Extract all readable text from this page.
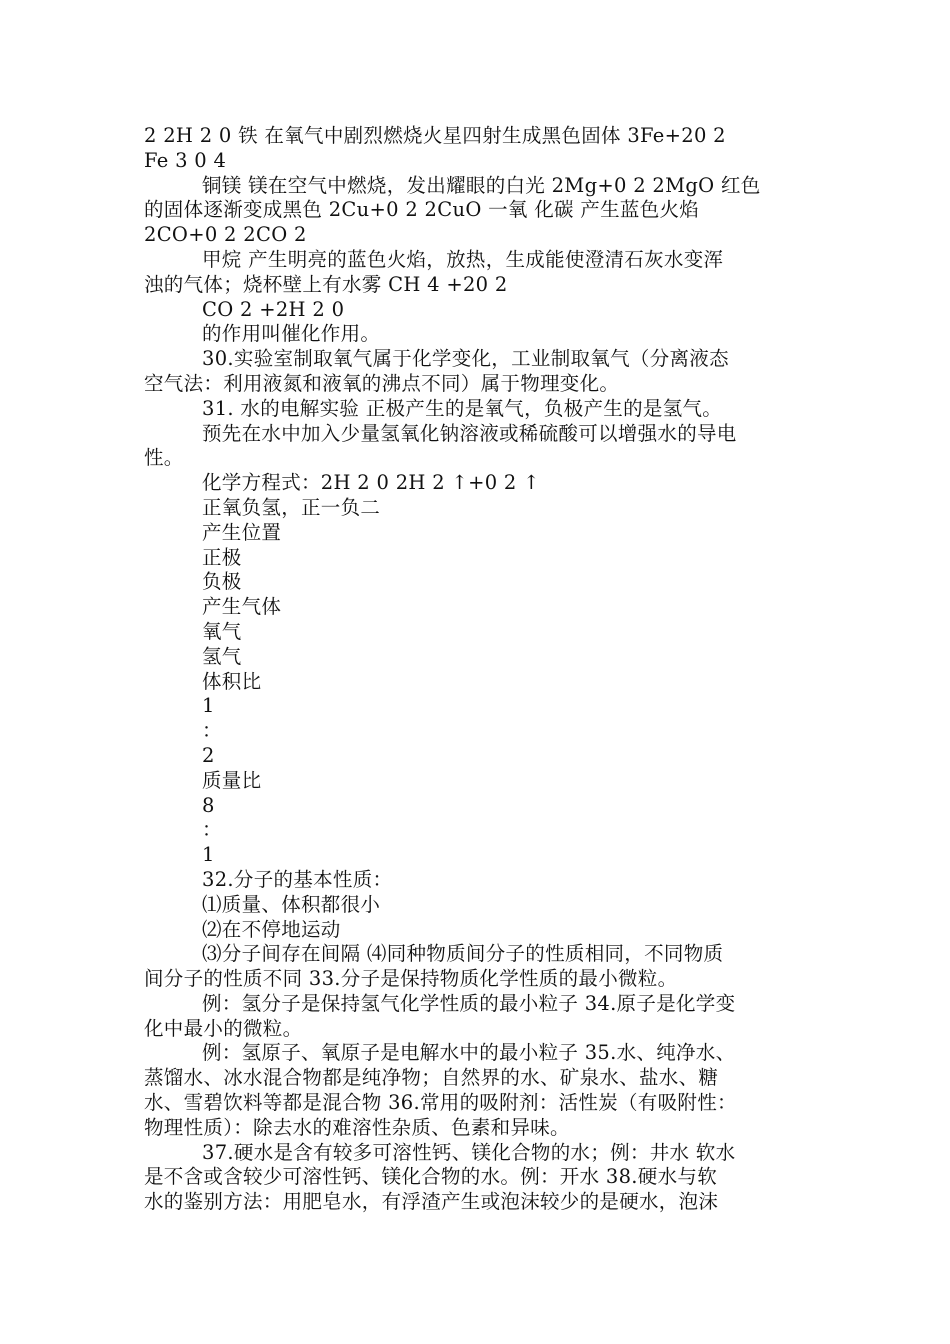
2 2H 2 0 铁 在氧气中剧烈燃烧火星四射生成黑色固体 3Fe+20 2
Fe 3 0 4
铜镁 镁在空气中燃烧，发出耀眼的白光 2Mg+0 2 2MgO 红色
的固体逐渐变成黑色 2Cu+0 2 2CuO 一氧 化碳 产生蓝色火焰
2CO+0 2 2CO 2
甲烷 产生明亮的蓝色火焰，放热，生成能使澄清石灰水变浑
浊的气体；烧杯壁上有水雾 CH 4 +20 2
CO 2 +2H 2 0
的作用叫催化作用。
30.实验室制取氧气属于化学变化，工业制取氧气（分离液态
空气法：利用液氮和液氧的沸点不同）属于物理变化。
31. 水的电解实验 正极产生的是氧气，负极产生的是氢气。
预先在水中加入少量氢氧化钠溶液或稀硫酸可以增强水的导电
性。
化学方程式：2H 2 0 2H 2 ↑+0 2 ↑
正氧负氢，正一负二
产生位置
正极
负极
产生气体
氧气
氢气
体积比
1
：
2
质量比
8
：
1
32.分子的基本性质：
⑴质量、体积都很小
⑵在不停地运动
⑶分子间存在间隔 ⑷同种物质间分子的性质相同，不同物质
间分子的性质不同 33.分子是保持物质化学性质的最小微粒。
例：氢分子是保持氢气化学性质的最小粒子 34.原子是化学变
化中最小的微粒。
例：氢原子、氧原子是电解水中的最小粒子 35.水、纯净水、
蒸馏水、冰水混合物都是纯净物；自然界的水、矿泉水、盐水、糖
水、雪碧饮料等都是混合物 36.常用的吸附剂：活性炭（有吸附性：
物理性质）：除去水的难溶性杂质、色素和异味。
37.硬水是含有较多可溶性钙、镁化合物的水；例：井水 软水
是不含或含较少可溶性钙、镁化合物的水。例：开水 38.硬水与软
水的鉴别方法：用肥皂水，有浮渣产生或泡沫较少的是硬水，泡沫
